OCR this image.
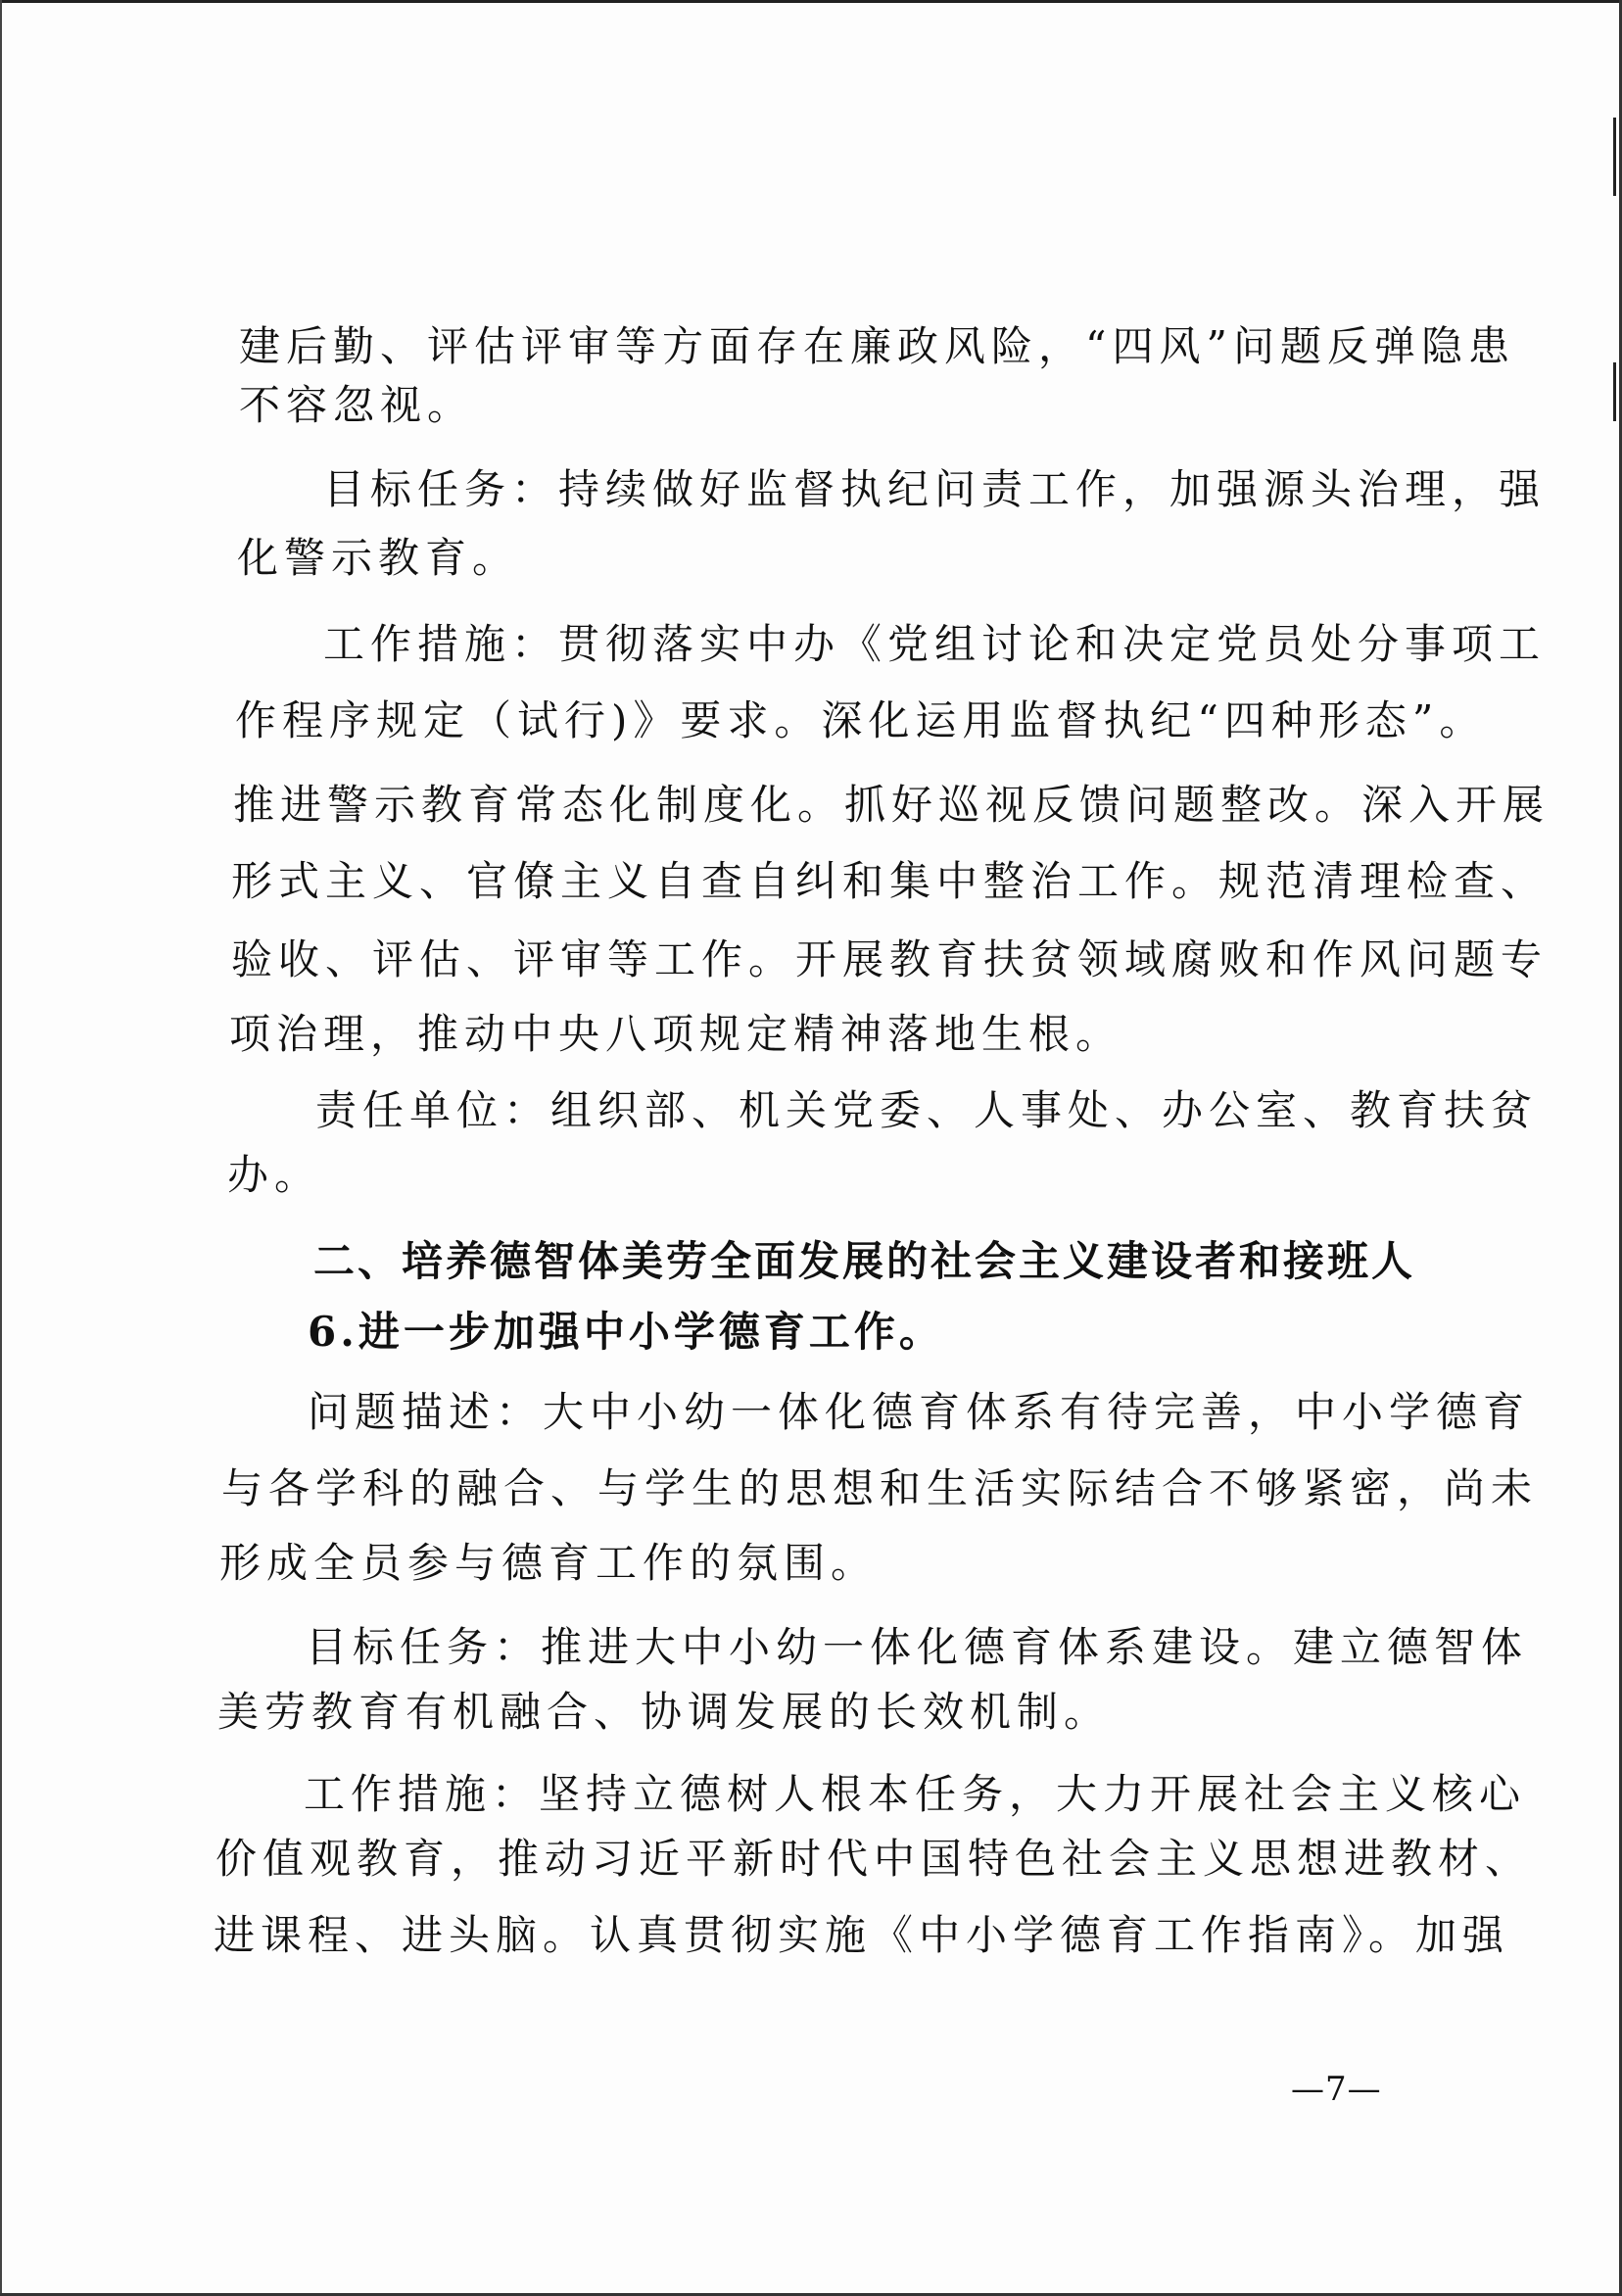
建后勤、评估评审等方面存在廉政风险，“四风”问题反弹隐患
不容忽视。
目标任务：持续做好监督执纪问责工作，加强源头治理，强
化警示教育。
工作措施：贯彻落实中办《党组讨论和决定党员处分事项工
作程序规定（试行)》要求。深化运用监督执纪“四种形态”。
推进警示教育常态化制度化。抓好巡视反馈问题整改。深入开展
形式主义、官僚主义自查自纠和集中整治工作。规范清理检查、
验收、评估、评审等工作。开展教育扶贫领域腐败和作风问题专
项治理，推动中央八项规定精神落地生根。
责任单位：组织部、机关党委、人事处、办公室、教育扶贫
办。
二、培养德智体美劳全面发展的社会主义建设者和接班人
6.进一步加强中小学德育工作。
问题描述：大中小幼一体化德育体系有待完善，中小学德育
与各学科的融合、与学生的思想和生活实际结合不够紧密，尚未
形成全员参与德育工作的氛围。
目标任务：推进大中小幼一体化德育体系建设。建立德智体
美劳教育有机融合、协调发展的长效机制。
工作措施：坚持立德树人根本任务，大力开展社会主义核心
价值观教育，推动习近平新时代中国特色社会主义思想进教材、
进课程、进头脑。认真贯彻实施《中小学德育工作指南》。加强
—7—
